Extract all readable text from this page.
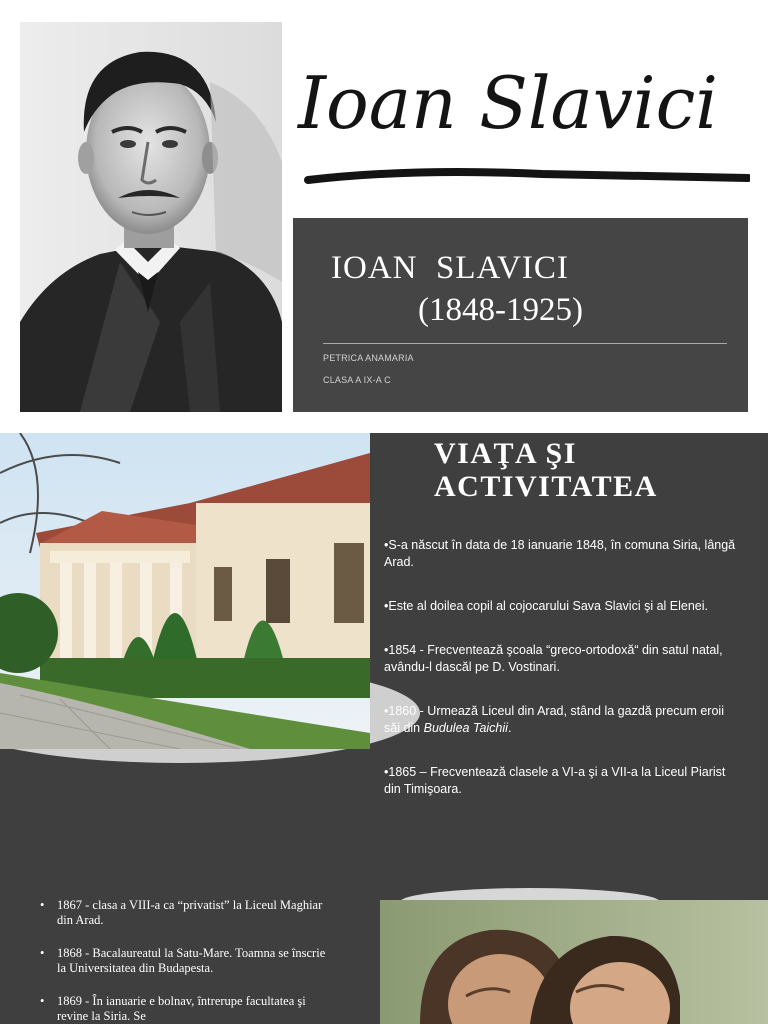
Ioan Slavici
IOAN  SLAVICI
(1848-1925)
PETRICA ANAMARIA
CLASA A IX-A C
VIAŢA ŞI
ACTIVITATEA
•S-a născut în data de 18 ianuarie 1848, în comuna Siria, lângă Arad.
•Este al doilea copil al cojocarului Sava Slavici şi al Elenei.
•1854 - Frecventează şcoala “greco-ortodoxă“ din satul natal, avându-l dascăl pe D. Vostinari.
•1860 - Urmează Liceul din Arad, stând la gazdă precum eroii săi din Budulea Taichii.
•1865 – Frecventează clasele a VI-a şi a VII-a la Liceul Piarist din Timişoara.
• 1867 - clasa a VIII-a ca “privatist” la Liceul Maghiar din Arad.
• 1868 - Bacalaureatul la Satu-Mare. Toamna se înscrie la Universitatea din Budapesta.
• 1869 - În ianuarie e bolnav, întrerupe facultatea şi revine la Siria. Se
